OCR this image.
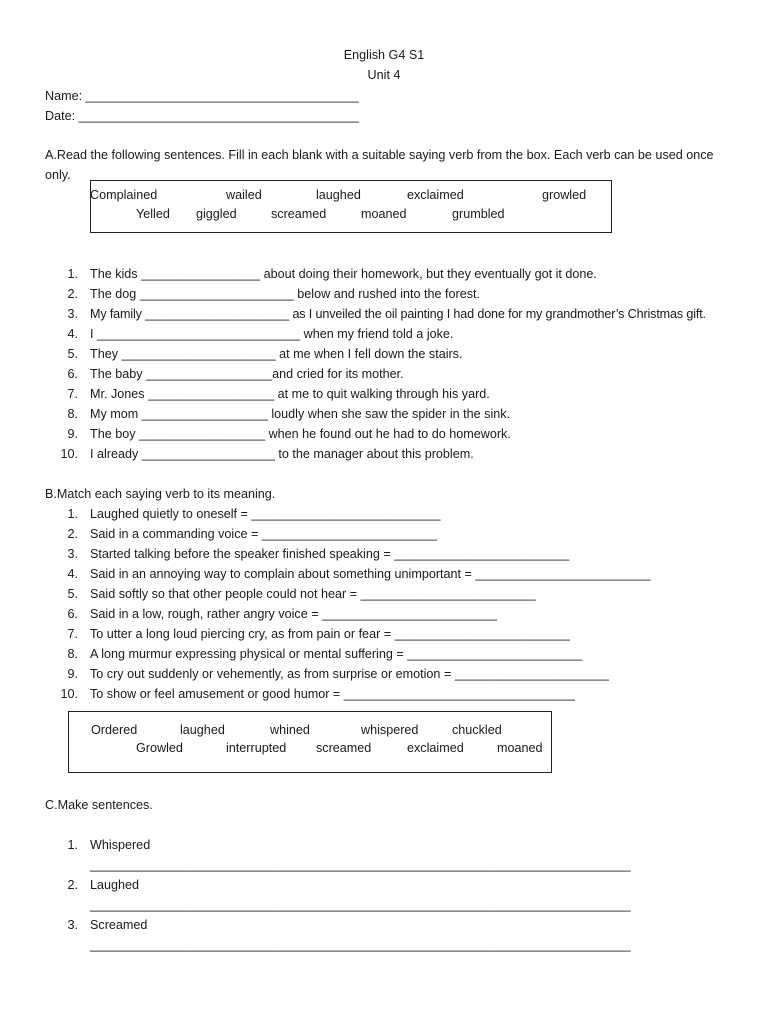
English G4 S1
Unit 4
Name: _______________________________________
Date: ________________________________________
A.Read the following sentences. Fill in each blank with a suitable saying verb from the box. Each verb can be used once
only.
Complained	wailed	laughed	exclaimed	growled
Yelled giggled	screamed	moaned	grumbled
1. The kids _________________ about doing their homework, but they eventually got it done.
2. The dog ______________________ below and rushed into the forest.
3. My family _____________________ as I unveiled the oil painting I had done for my grandmother’s Christmas gift.
4. I _____________________________ when my friend told a joke.
5. They ______________________ at me when I fell down the stairs.
6. The baby __________________and cried for its mother.
7. Mr. Jones __________________ at me to quit walking through his yard.
8. My mom __________________ loudly when she saw the spider in the sink.
9. The boy __________________ when he found out he had to do homework.
10. I already ___________________ to the manager about this problem.
B.Match each saying verb to its meaning.
1. Laughed quietly to oneself = ___________________________
2. Said in a commanding voice = _________________________
3. Started talking before the speaker finished speaking = _________________________
4. Said in an annoying way to complain about something unimportant = _________________________
5. Said softly so that other people could not hear = _________________________
6. Said in a low, rough, rather angry voice = _________________________
7. To utter a long loud piercing cry, as from pain or fear = _________________________
8. A long murmur expressing physical or mental suffering = _________________________
9. To cry out suddenly or vehemently, as from surprise or emotion = ______________________
10. To show or feel amusement or good humor = _________________________________
Ordered	laughed	whined	whispered	chuckled
Growled	interrupted screamed	exclaimed	moaned
C.Make sentences.
1. Whispered
________________________________________________________________________________
2. Laughed
________________________________________________________________________________
3. Screamed
________________________________________________________________________________
